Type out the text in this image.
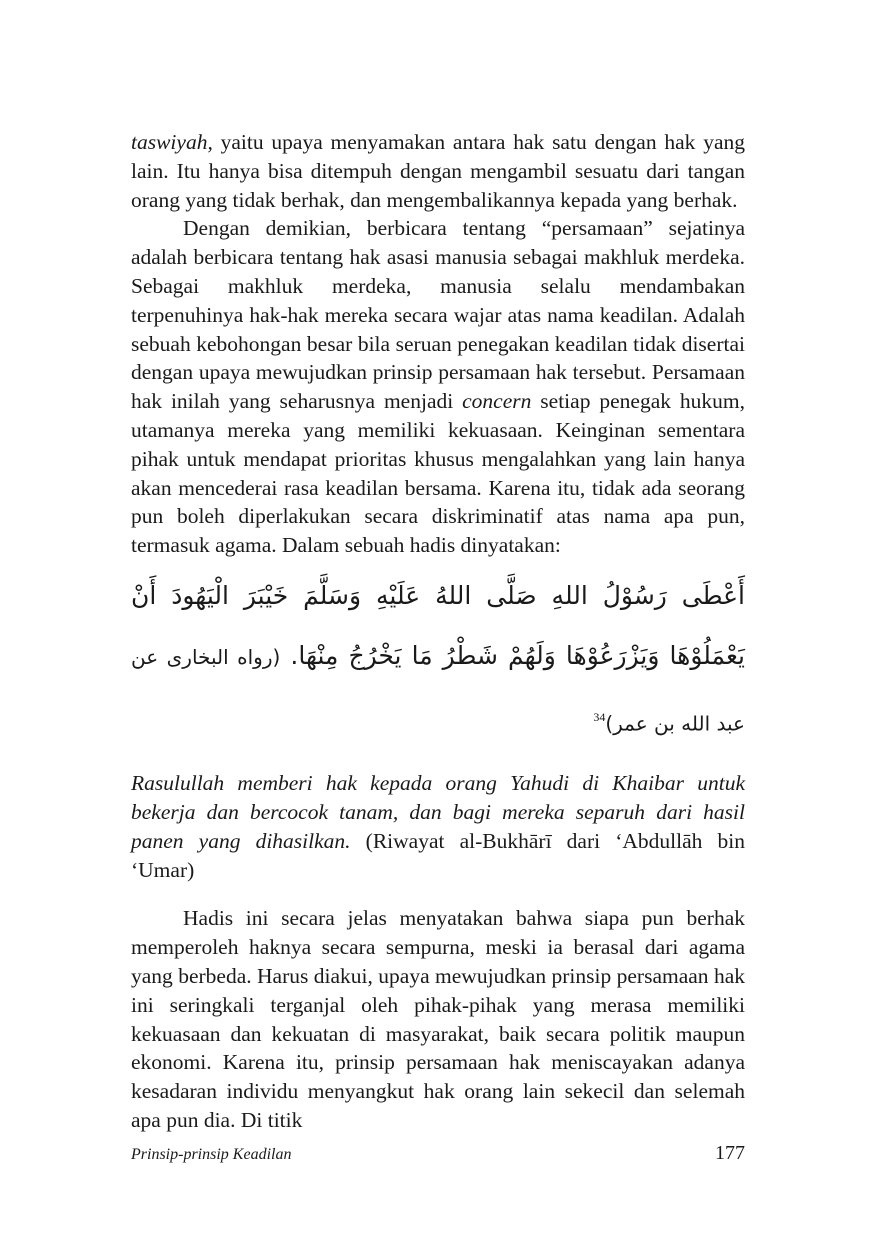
taswiyah, yaitu upaya menyamakan antara hak satu dengan hak yang lain. Itu hanya bisa ditempuh dengan mengambil sesuatu dari tangan orang yang tidak berhak, dan mengembalikannya kepada yang berhak.

Dengan demikian, berbicara tentang “persamaan” sejatinya adalah berbicara tentang hak asasi manusia sebagai makhluk merdeka. Sebagai makhluk merdeka, manusia selalu mendambakan terpenuhinya hak-hak mereka secara wajar atas nama keadilan. Adalah sebuah kebohongan besar bila seruan penegakan keadilan tidak disertai dengan upaya mewujudkan prinsip persamaan hak tersebut. Persamaan hak inilah yang seharusnya menjadi concern setiap penegak hukum, utamanya mereka yang memiliki kekuasaan. Keinginan sementara pihak untuk mendapat prioritas khusus mengalahkan yang lain hanya akan mencederai rasa keadilan bersama. Karena itu, tidak ada seorang pun boleh diperlakukan secara diskriminatif atas nama apa pun, termasuk agama. Dalam sebuah hadis dinyatakan:

أَعْطَى رَسُوْلُ اللهِ صَلَّى اللهُ عَلَيْهِ وَسَلَّمَ خَيْبَرَ الْيَهُودَ أَنْ يَعْمَلُوْهَا وَيَزْرَعُوْهَا وَلَهُمْ شَطْرُ مَا يَخْرُجُ مِنْهَا. (رواه البخارى عن عبد الله بن عمر)$^{34}$

Rasulullah memberi hak kepada orang Yahudi di Khaibar untuk bekerja dan bercocok tanam, dan bagi mereka separuh dari hasil panen yang dihasilkan. (Riwayat al-Bukhārī dari ‘Abdullāh bin ‘Umar)

Hadis ini secara jelas menyatakan bahwa siapa pun berhak memperoleh haknya secara sempurna, meski ia berasal dari agama yang berbeda. Harus diakui, upaya mewujudkan prinsip persamaan hak ini seringkali terganjal oleh pihak-pihak yang merasa memiliki kekuasaan dan kekuatan di masyarakat, baik secara politik maupun ekonomi. Karena itu, prinsip persamaan hak meniscayakan adanya kesadaran individu menyangkut hak orang lain sekecil dan selemah apa pun dia. Di titik

Prinsip-prinsip Keadilan	177
